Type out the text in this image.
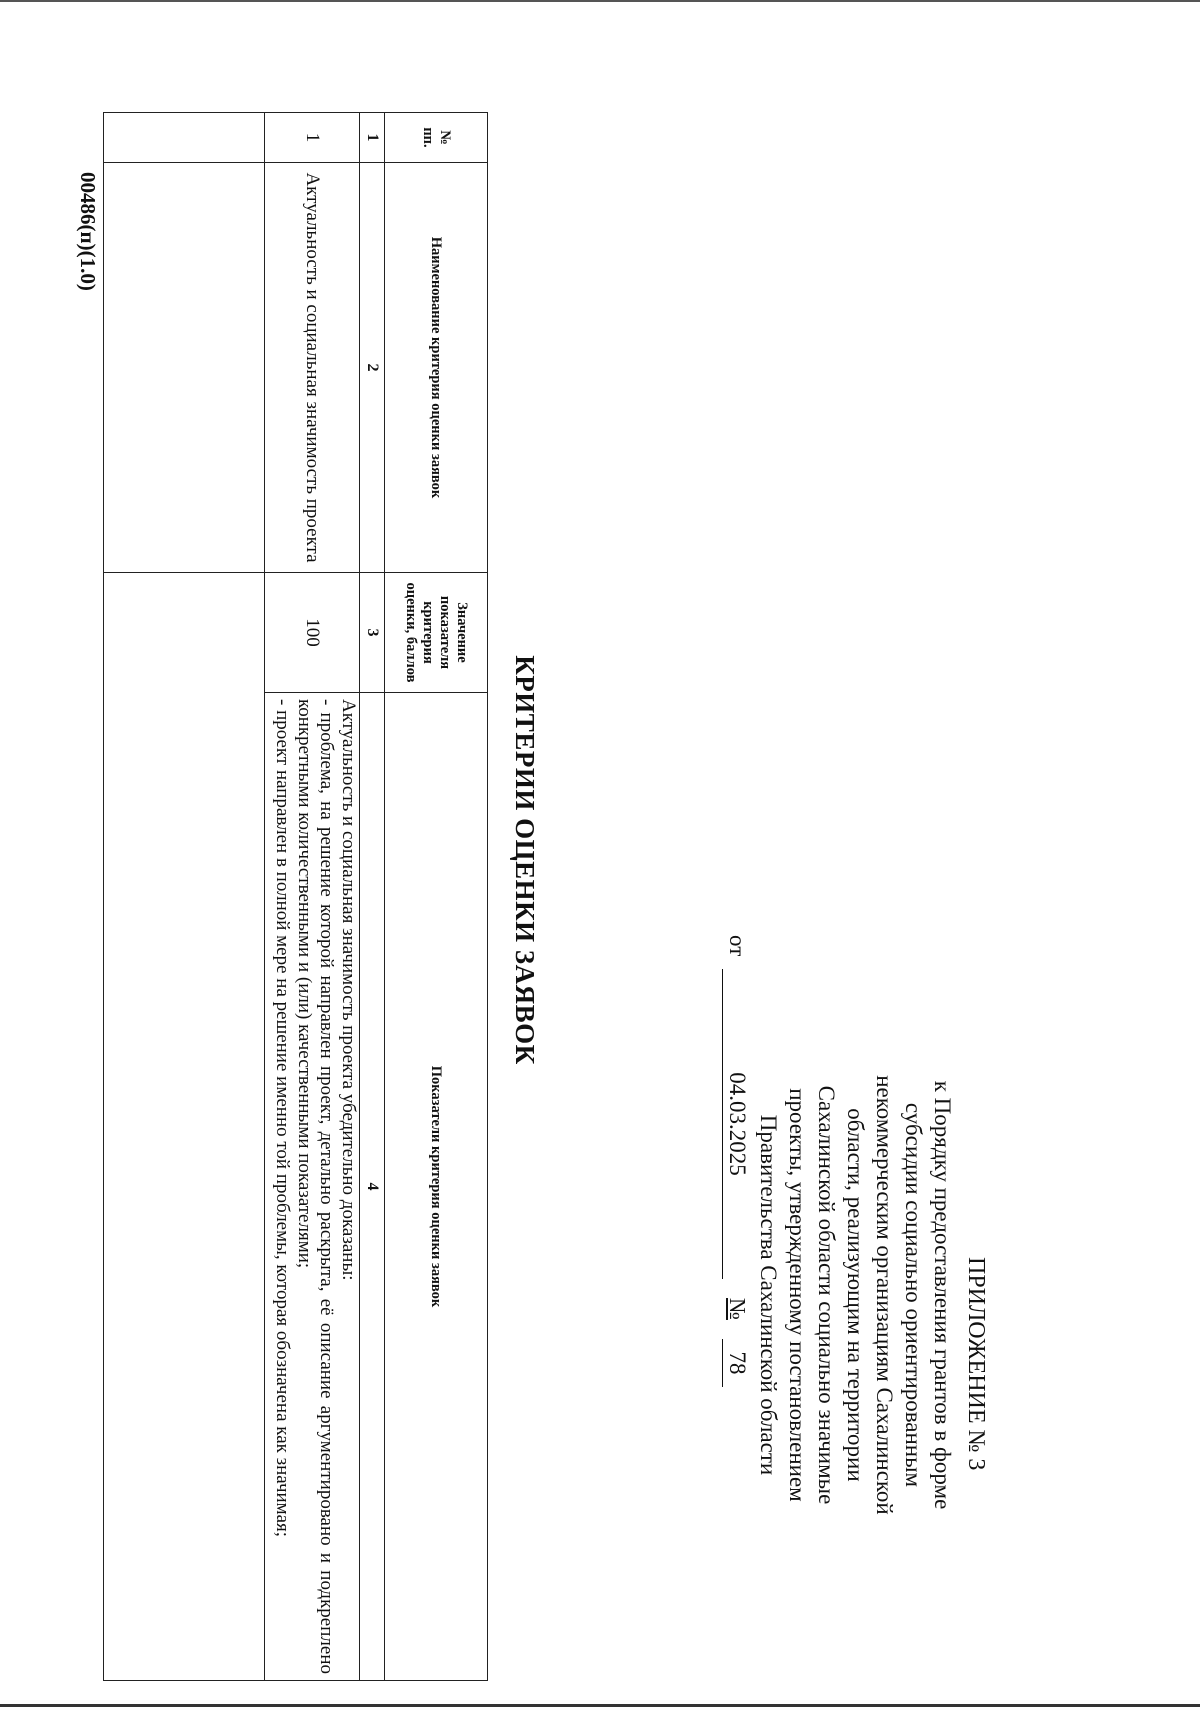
ПРИЛОЖЕНИЕ № 3
к Порядку предоставления грантов в форме
субсидии социально ориентированным
некоммерческим организациям Сахалинской
области, реализующим на территории
Сахалинской области социально значимые
проекты, утвержденному постановлением
Правительства Сахалинской области
от
04.03.2025
№
78
КРИТЕРИИ ОЦЕНКИ ЗАЯВОК
№ пп.	Наименование критерия оценки заявок	Значение показателя критерия оценки, баллов	Показатели критерия оценки заявок
1	2	3	4
1	Актуальность и социальная значимость проекта	100	Актуальность и социальная значимость проекта убедительно доказаны:
- проблема, на решение которой направлен проект, детально раскрыта, её описание аргументировано и подкреплено конкретными количественными и (или) качественными показателями;
- проект направлен в полной мере на решение именно той проблемы, которая обозначена как значимая;

00486(п)(1.0)
